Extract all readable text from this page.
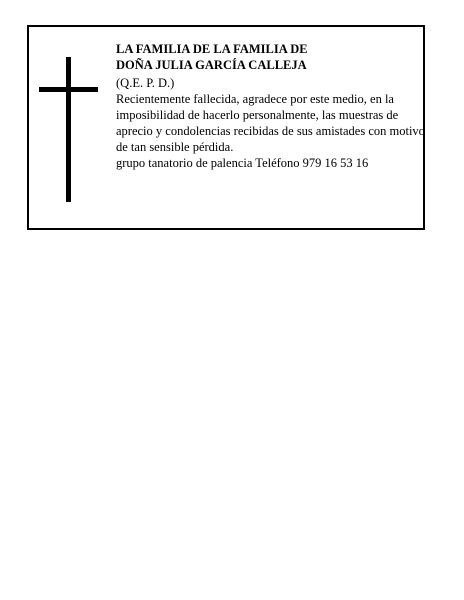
LA FAMILIA DE LA FAMILIA DE

DOÑA JULIA GARCÍA CALLEJA

(Q.E. P. D.)

Recientemente fallecida, agradece por este medio, en la imposibilidad de hacerlo personalmente, las muestras de aprecio y condolencias recibidas de sus amistades con motivo de tan sensible pérdida.

grupo tanatorio de palencia Teléfono 979 16 53 16
